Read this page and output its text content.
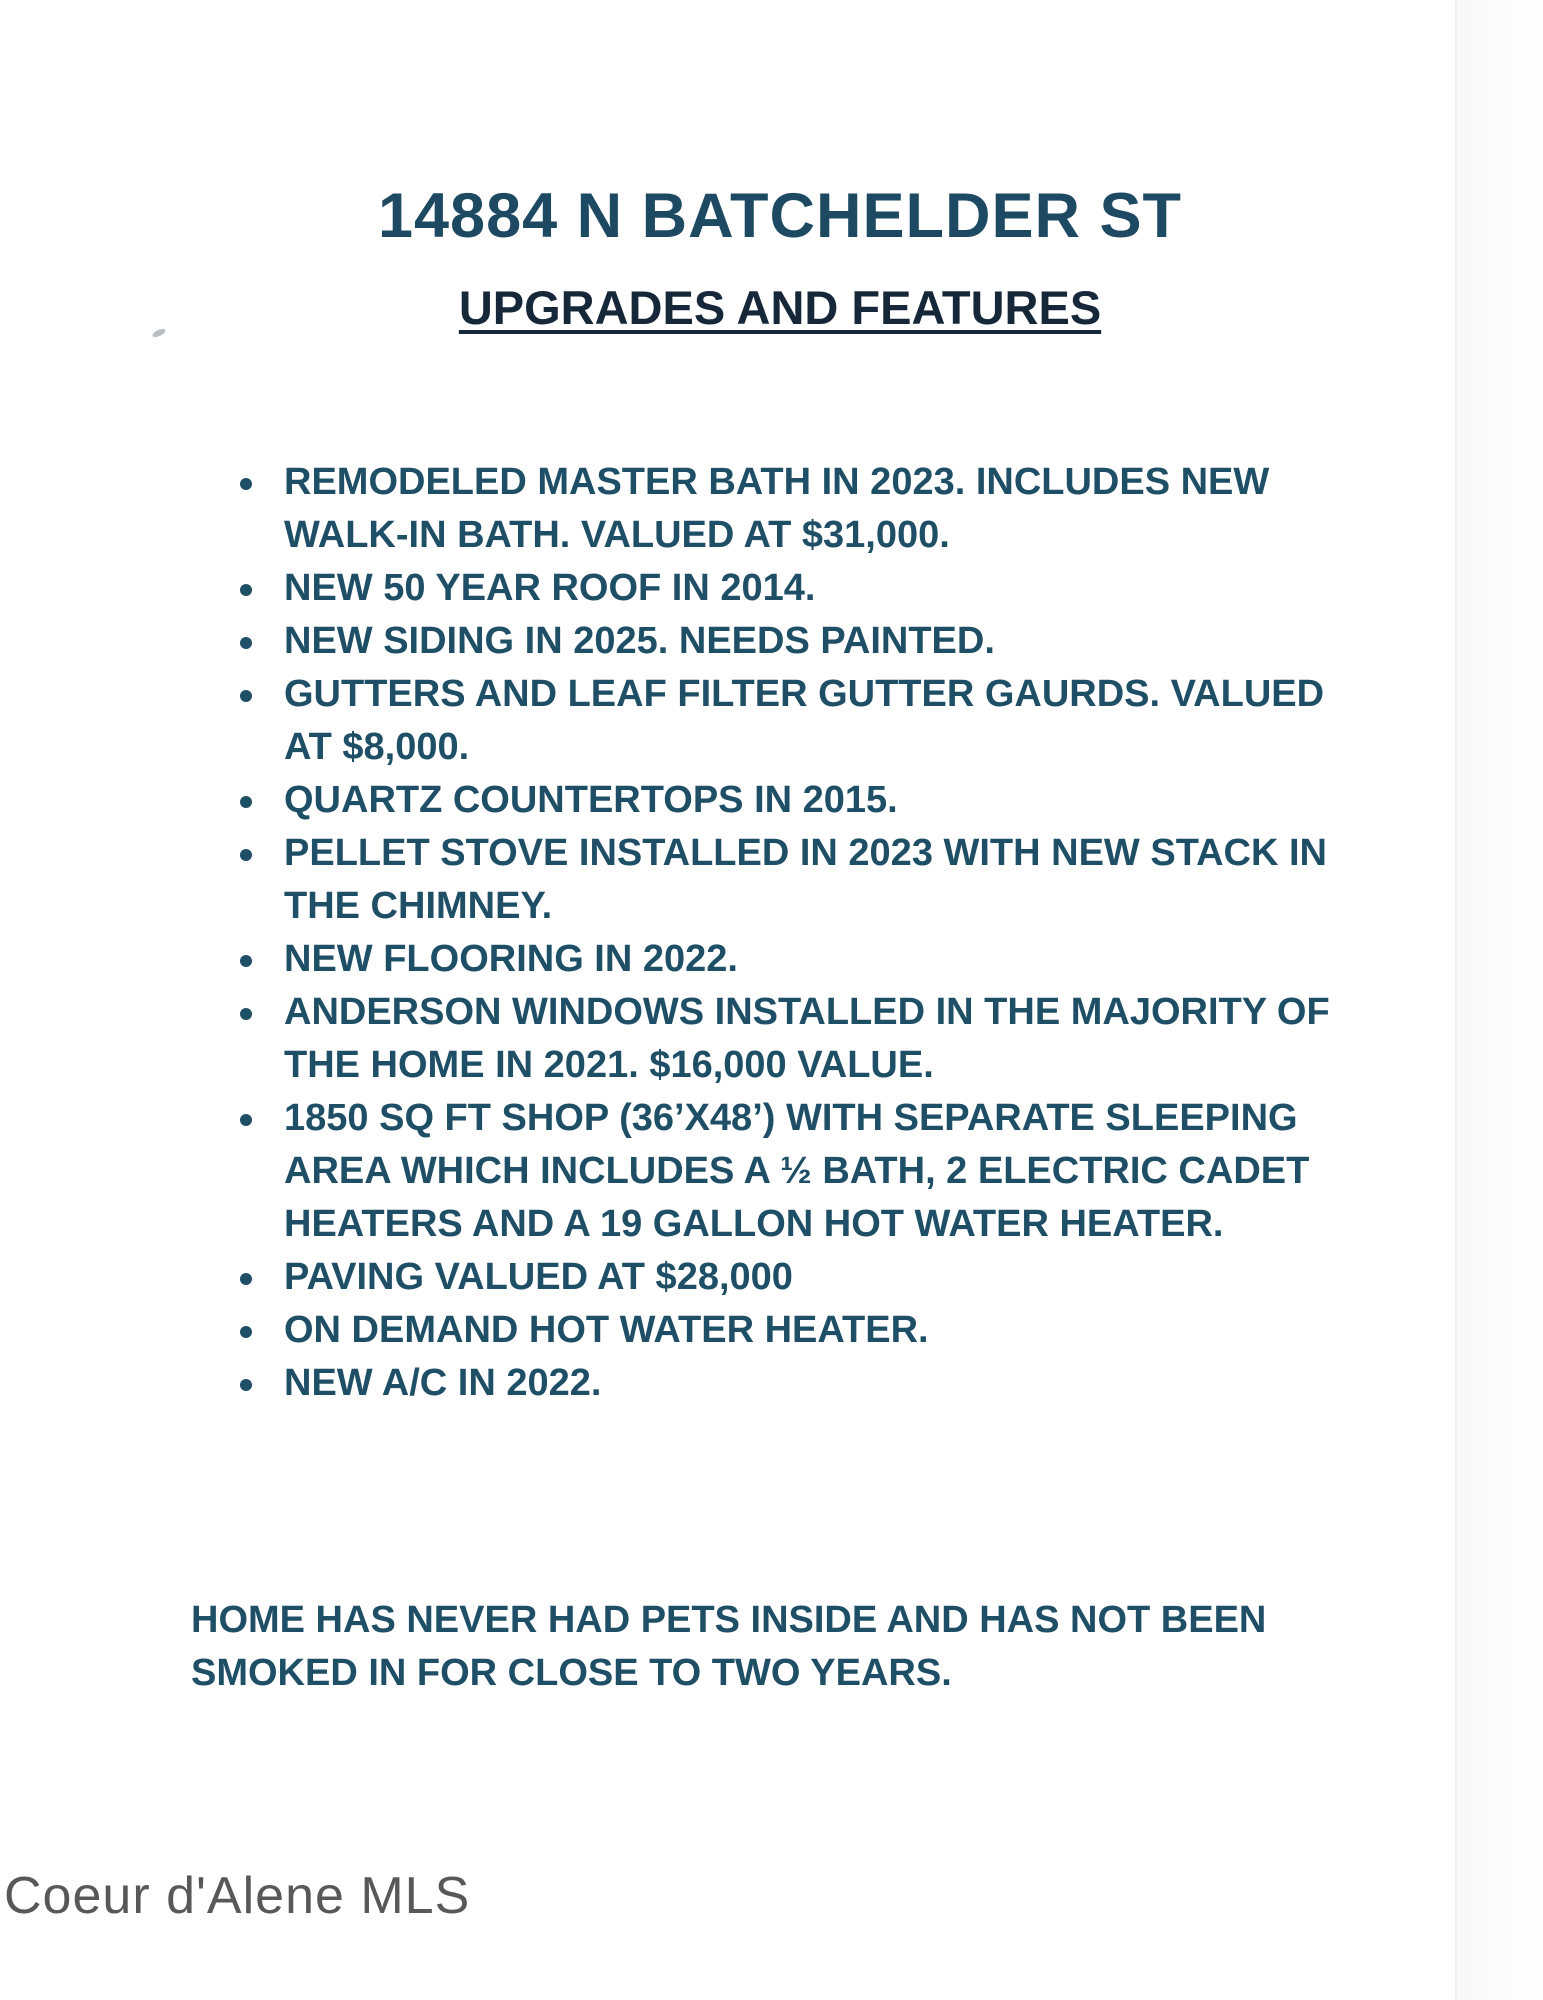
14884 N BATCHELDER ST
UPGRADES AND FEATURES
REMODELED MASTER BATH IN 2023. INCLUDES NEW WALK-IN BATH. VALUED AT $31,000.
NEW 50 YEAR ROOF IN 2014.
NEW SIDING IN 2025. NEEDS PAINTED.
GUTTERS AND LEAF FILTER GUTTER GAURDS. VALUED AT $8,000.
QUARTZ COUNTERTOPS IN 2015.
PELLET STOVE INSTALLED IN 2023 WITH NEW STACK IN THE CHIMNEY.
NEW FLOORING IN 2022.
ANDERSON WINDOWS INSTALLED IN THE MAJORITY OF THE HOME IN 2021. $16,000 VALUE.
1850 SQ FT SHOP (36’X48’) WITH SEPARATE SLEEPING AREA WHICH INCLUDES A ½ BATH, 2 ELECTRIC CADET HEATERS AND A 19 GALLON HOT WATER HEATER.
PAVING VALUED AT $28,000
ON DEMAND HOT WATER HEATER.
NEW A/C IN 2022.
HOME HAS NEVER HAD PETS INSIDE AND HAS NOT BEEN SMOKED IN FOR CLOSE TO TWO YEARS.
Coeur d'Alene MLS
